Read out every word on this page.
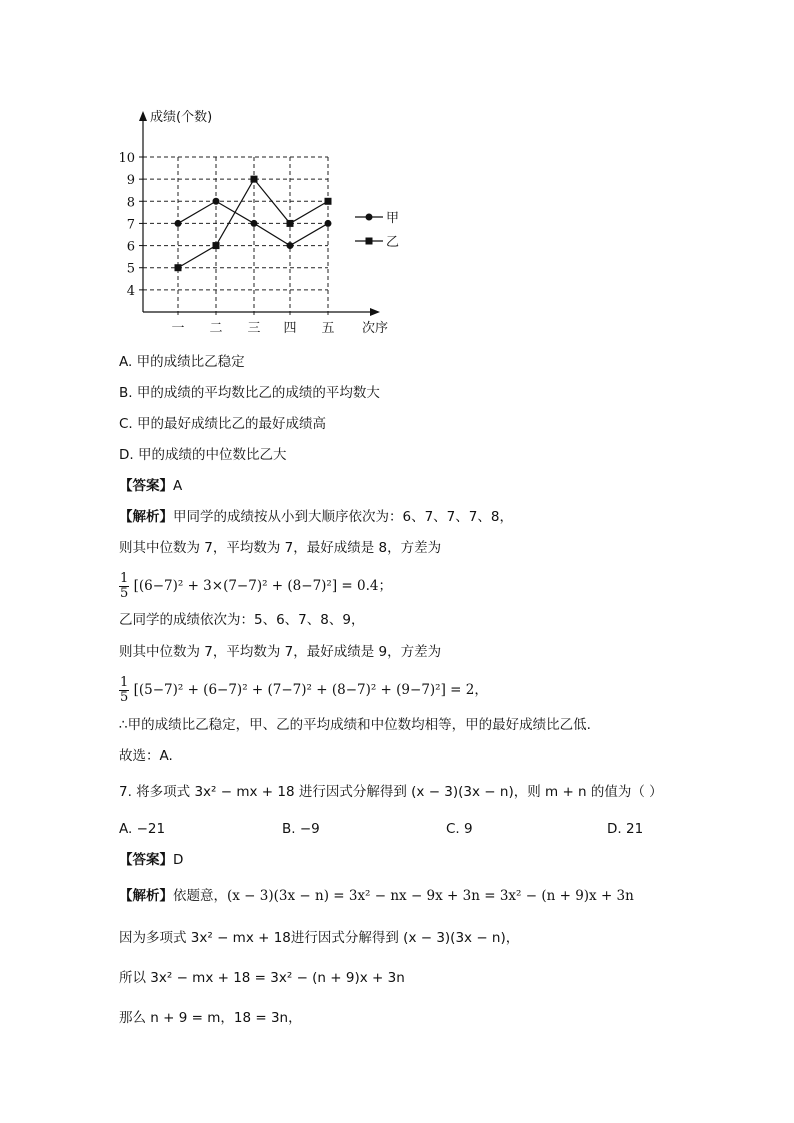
4
5
6
7
8
9
10
一 二 三 四 五
甲
乙
成绩(个数)
次序
A. 甲的成绩比乙稳定
B. 甲的成绩的平均数比乙的成绩的平均数大
C. 甲的最好成绩比乙的最好成绩高
D. 甲的成绩的中位数比乙大
【答案】A
【解析】甲同学的成绩按从小到大顺序依次为：6、7、7、7、8，
则其中位数为 7，平均数为 7，最好成绩是 8，方差为
$\frac{1}{5} [(6-7)^2 + 3\times(7-7)^2 + (8-7)^2] = 0.4$；
乙同学的成绩依次为：5、6、7、8、9，
则其中位数为 7，平均数为 7，最好成绩是 9，方差为
$\frac{1}{5} [(5-7)^2 + (6-7)^2 + (7-7)^2 + (8-7)^2 + (9-7)^2] = 2$，
∴甲的成绩比乙稳定，甲、乙的平均成绩和中位数均相等，甲的最好成绩比乙低.
故选：A.
7. 将多项式 3x² − mx + 18 进行因式分解得到 (x − 3)(3x − n)，则 m + n 的值为（ ）
A. −21	B. −9	C. 9	D. 21
【答案】D
【解析】依题意，(x − 3)(3x − n) = 3x² − nx − 9x + 3n = 3x² − (n + 9)x + 3n
因为多项式 3x² − mx + 18进行因式分解得到 (x − 3)(3x − n)，
所以 3x² − mx + 18 = 3x² − (n + 9)x + 3n
那么 n + 9 = m，18 = 3n，
